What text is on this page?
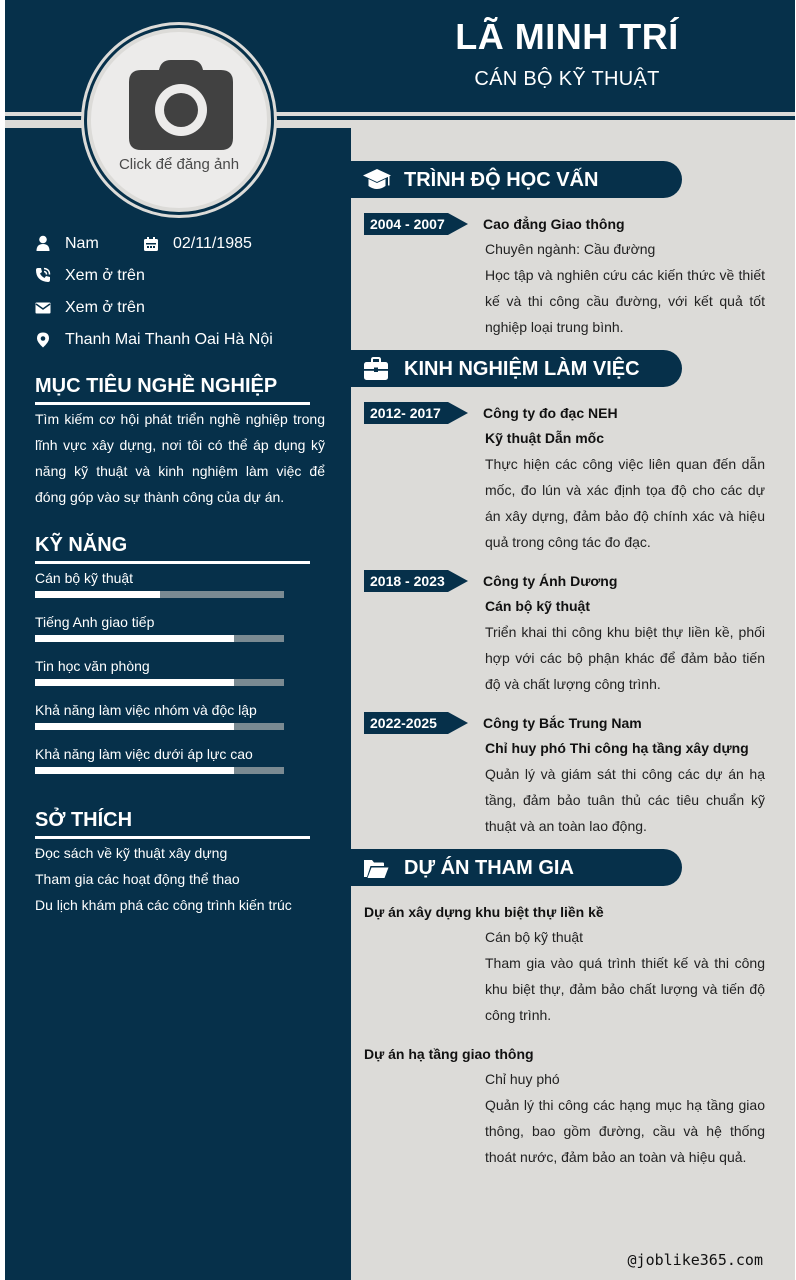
LÃ MINH TRÍ
CÁN BỘ KỸ THUẬT
Click để đăng ảnh
Nam	02/11/1985
Xem ở trên
Xem ở trên
Thanh Mai Thanh Oai Hà Nội
MỤC TIÊU NGHỀ NGHIỆP
Tìm kiếm cơ hội phát triển nghề nghiệp trong lĩnh vực xây dựng, nơi tôi có thể áp dụng kỹ năng kỹ thuật và kinh nghiệm làm việc để đóng góp vào sự thành công của dự án.
KỸ NĂNG
Cán bộ kỹ thuật
Tiếng Anh giao tiếp
Tin học văn phòng
Khả năng làm việc nhóm và độc lập
Khả năng làm việc dưới áp lực cao
SỞ THÍCH
Đọc sách về kỹ thuật xây dựng
Tham gia các hoạt động thể thao
Du lịch khám phá các công trình kiến trúc
TRÌNH ĐỘ HỌC VẤN
2004 - 2007	Cao đẳng Giao thông
Chuyên ngành: Cầu đường
Học tập và nghiên cứu các kiến thức về thiết kế và thi công cầu đường, với kết quả tốt nghiệp loại trung bình.
KINH NGHIỆM LÀM VIỆC
2012- 2017	Công ty đo đạc NEH
Kỹ thuật Dẫn mốc
Thực hiện các công việc liên quan đến dẫn mốc, đo lún và xác định tọa độ cho các dự án xây dựng, đảm bảo độ chính xác và hiệu quả trong công tác đo đạc.
2018 - 2023	Công ty Ánh Dương
Cán bộ kỹ thuật
Triển khai thi công khu biệt thự liền kề, phối hợp với các bộ phận khác để đảm bảo tiến độ và chất lượng công trình.
2022-2025	Công ty Bắc Trung Nam
Chỉ huy phó Thi công hạ tầng xây dựng
Quản lý và giám sát thi công các dự án hạ tầng, đảm bảo tuân thủ các tiêu chuẩn kỹ thuật và an toàn lao động.
DỰ ÁN THAM GIA
Dự án xây dựng khu biệt thự liền kề
Cán bộ kỹ thuật
Tham gia vào quá trình thiết kế và thi công khu biệt thự, đảm bảo chất lượng và tiến độ công trình.
Dự án hạ tầng giao thông
Chỉ huy phó
Quản lý thi công các hạng mục hạ tầng giao thông, bao gồm đường, cầu và hệ thống thoát nước, đảm bảo an toàn và hiệu quả.
@joblike365.com
